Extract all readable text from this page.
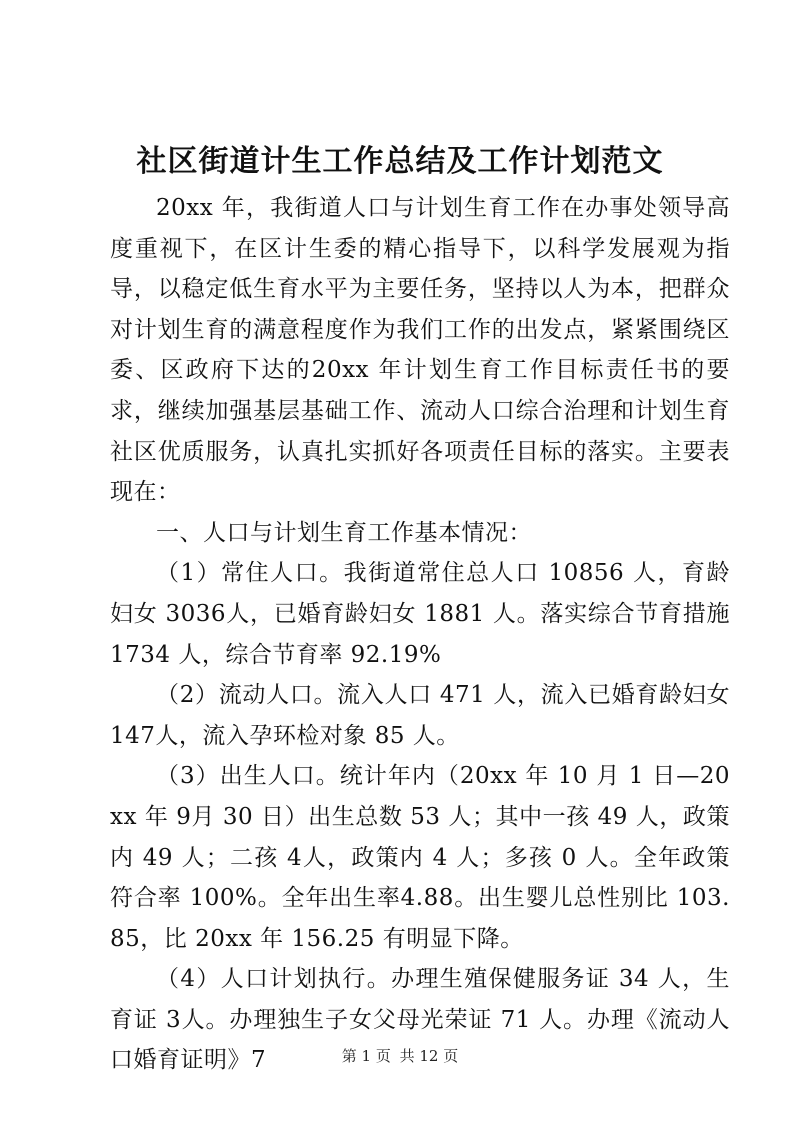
社区街道计生工作总结及工作计划范文

20xx 年，我街道人口与计划生育工作在办事处领导高度重视下，在区计生委的精心指导下，以科学发展观为指导，以稳定低生育水平为主要任务，坚持以人为本，把群众对计划生育的满意程度作为我们工作的出发点，紧紧围绕区委、区政府下达的20xx 年计划生育工作目标责任书的要求，继续加强基层基础工作、流动人口综合治理和计划生育社区优质服务，认真扎实抓好各项责任目标的落实。主要表现在：

一、人口与计划生育工作基本情况：

（1）常住人口。我街道常住总人口 10856 人，育龄妇女 3036人，已婚育龄妇女 1881 人。落实综合节育措施 1734 人，综合节育率 92.19%

（2）流动人口。流入人口 471 人，流入已婚育龄妇女 147人，流入孕环检对象 85 人。

（3）出生人口。统计年内（20xx 年 10 月 1 日—20xx 年 9月 30 日）出生总数 53 人；其中一孩 49 人，政策内 49 人；二孩 4人，政策内 4 人；多孩 0 人。全年政策符合率 100%。全年出生率4.88。出生婴儿总性别比 103.85，比 20xx 年 156.25 有明显下降。

（4）人口计划执行。办理生殖保健服务证 34 人，生育证 3人。办理独生子女父母光荣证 71 人。办理《流动人口婚育证明》7	第 1 页 共 12 页
